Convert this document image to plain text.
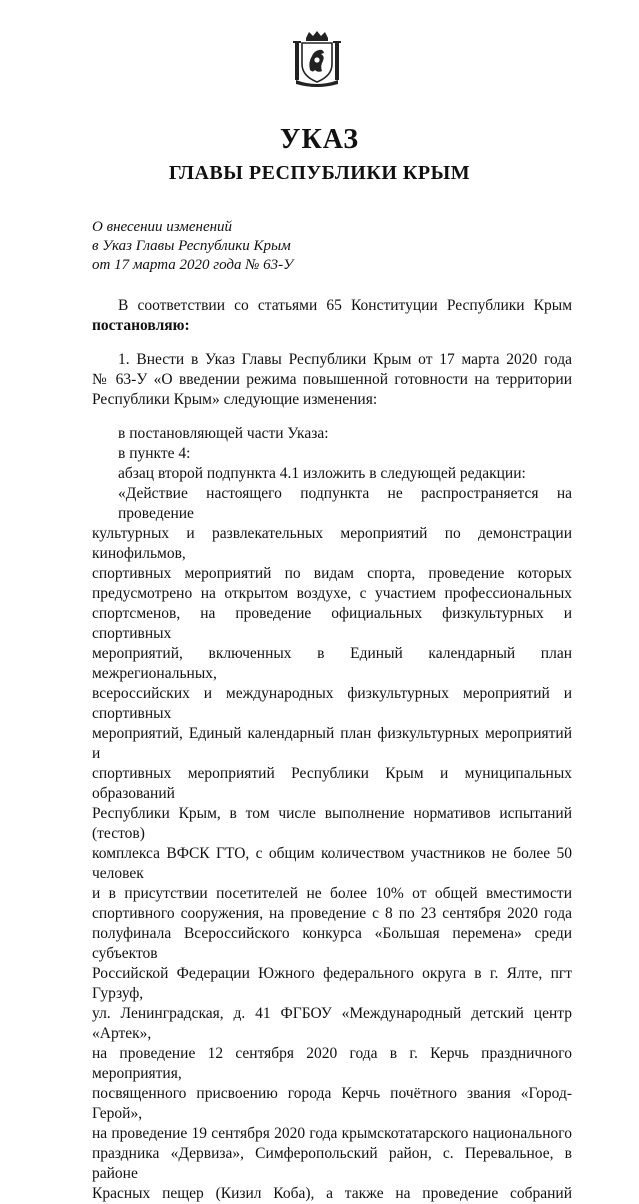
УКАЗ
ГЛАВЫ РЕСПУБЛИКИ КРЫМ
О внесении изменений
в Указ Главы Республики Крым
от 17 марта 2020 года № 63-У
В соответствии со статьями 65 Конституции Республики Крым
постановляю:
1. Внести в Указ Главы Республики Крым от 17 марта 2020 года
№ 63-У «О введении режима повышенной готовности на территории
Республики Крым» следующие изменения:
в постановляющей части Указа:
в пункте 4:
абзац второй подпункта 4.1 изложить в следующей редакции:
«Действие настоящего подпункта не распространяется на проведение
культурных и развлекательных мероприятий по демонстрации кинофильмов,
спортивных мероприятий по видам спорта, проведение которых
предусмотрено на открытом воздухе, с участием профессиональных
спортсменов, на проведение официальных физкультурных и спортивных
мероприятий, включенных в Единый календарный план межрегиональных,
всероссийских и международных физкультурных мероприятий и спортивных
мероприятий, Единый календарный план физкультурных мероприятий и
спортивных мероприятий Республики Крым и муниципальных образований
Республики Крым, в том числе выполнение нормативов испытаний (тестов)
комплекса ВФСК ГТО, с общим количеством участников не более 50 человек
и в присутствии посетителей не более 10% от общей вместимости
спортивного сооружения, на проведение с 8 по 23 сентября 2020 года
полуфинала Всероссийского конкурса «Большая перемена» среди субъектов
Российской Федерации Южного федерального округа в г. Ялте, пгт Гурзуф,
ул. Ленинградская, д. 41 ФГБОУ «Международный детский центр «Артек»,
на проведение 12 сентября 2020 года в г. Керчь праздничного мероприятия,
посвященного присвоению города Керчь почётного звания «Город-Герой»,
на проведение 19 сентября 2020 года крымскотатарского национального
праздника «Дервиза», Симферопольский район, с. Перевальное, в районе
Красных пещер (Кизил Коба), а также на проведение собраний
